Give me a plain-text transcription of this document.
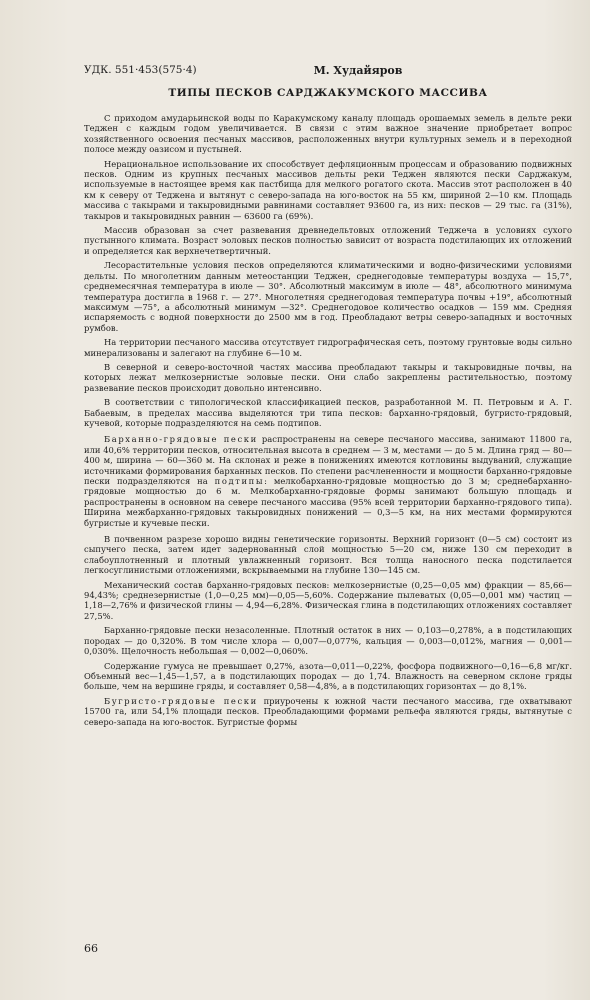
УДК. 551·453(575·4)	М. Худайяров
ТИПЫ ПЕСКОВ САРДЖАКУМСКОГО МАССИВА

С приходом амударьинской воды по Каракумскому каналу площадь орошаемых земель в дельте реки Теджен с каждым годом увеличивается. В связи с этим важное значение приобретает вопрос хозяйственного освоения песчаных массивов, расположенных внутри культурных земель и в переходной полосе между оазисом и пустыней.

Нерациональное использование их способствует дефляционным процессам и образованию подвижных песков. Одним из крупных песчаных массивов дельты реки Теджен являются пески Сарджакум, используемые в настоящее время как пастбища для мелкого рогатого скота. Массив этот расположен в 40 км к северу от Теджена и вытянут с северо-запада на юго-восток на 55 км, шириной 2—10 км. Площадь массива с такырами и такыровидными равнинами составляет 93600 га, из них: песков — 29 тыс. га (31%), такыров и такыровидных равнин — 63600 га (69%).

Массив образован за счет развевания древнедельтовых отложений Теджеча в условиях сухого пустынного климата. Возраст эоловых песков полностью зависит от возраста подстилающих их отложений и определяется как верхнечетвертичный.

Лесорастительные условия песков определяются климатическими и водно-физическими условиями дельты. По многолетним данным метеостанции Теджен, среднегодовые температуры воздуха — 15,7°, среднемесячная температура в июле — 30°. Абсолютный максимум в июле — 48°, абсолютного минимума температура достигла в 1968 г. — 27°. Многолетняя среднегодовая температура почвы +19°, абсолютный максимум —75°, а абсолютный минимум —32°. Среднегодовое количество осадков — 159 мм. Средняя испаряемость с водной поверхности до 2500 мм в год. Преобладают ветры северо-западных и восточных румбов.

На территории песчаного массива отсутствует гидрографическая сеть, поэтому грунтовые воды сильно минерализованы и залегают на глубине 6—10 м.

В северной и северо-восточной частях массива преобладают такыры и такыровидные почвы, на которых лежат мелкозернистые эоловые пески. Они слабо закреплены растительностью, поэтому развевание песков происходит довольно интенсивно.

В соответствии с типологической классификацией песков, разработанной М. П. Петровым и А. Г. Бабаевым, в пределах массива выделяются три типа песков: барханно-грядовый, бугристо-грядовый, кучевой, которые подразделяются на семь подтипов.

Барханно-грядовые пески распространены на севере песчаного массива, занимают 11800 га, или 40,6% территории песков, относительная высота в среднем — 3 м, местами — до 5 м. Длина гряд — 80—400 м, ширина — 60—360 м. На склонах и реже в понижениях имеются котловины выдуваний, служащие источниками формирования барханных песков. По степени расчлененности и мощности барханно-грядовые пески подразделяются на подтипы: мелкобарханно-грядовые мощностью до 3 м; среднебарханно-грядовые мощностью до 6 м. Мелкобарханно-грядовые формы занимают большую площадь и распространены в основном на севере песчаного массива (95% всей территории барханно-грядового типа). Ширина межбарханно-грядовых такыровидных понижений — 0,3—5 км, на них местами формируются бугристые и кучевые пески.

В почвенном разрезе хорошо видны генетические горизонты. Верхний горизонт (0—5 см) состоит из сыпучего песка, затем идет задернованный слой мощностью 5—20 см, ниже 130 см переходит в слабоуплотненный и плотный увлажненный горизонт. Вся толща наносного песка подстилается легкосуглинистыми отложениями, вскрываемыми на глубине 130—145 см.

Механический состав барханно-грядовых песков: мелкозернистые (0,25—0,05 мм) фракции — 85,66—94,43%; среднезернистые (1,0—0,25 мм)—0,05—5,60%. Содержание пылеватых (0,05—0,001 мм) частиц — 1,18—2,76% и физической глины — 4,94—6,28%. Физическая глина в подстилающих отложениях составляет 27,5%.

Барханно-грядовые пески незасоленные. Плотный остаток в них — 0,103—0,278%, а в подстилающих породах — до 0,320%. В том числе хлора — 0,007—0,077%, кальция — 0,003—0,012%, магния — 0,001—0,030%. Щелочность небольшая — 0,002—0,060%.

Содержание гумуса не превышает 0,27%, азота—0,011—0,22%, фосфора подвижного—0,16—6,8 мг/кг. Объемный вес—1,45—1,57, а в подстилающих породах — до 1,74. Влажность на северном склоне гряды больше, чем на вершине гряды, и составляет 0,58—4,8%, а в подстилающих горизонтах — до 8,1%.

Бугристо-грядовые пески приурочены к южной части песчаного массива, где охватывают 15700 га, или 54,1% площади песков. Преобладающими формами рельефа являются гряды, вытянутые с северо-запада на юго-восток. Бугристые формы

66
